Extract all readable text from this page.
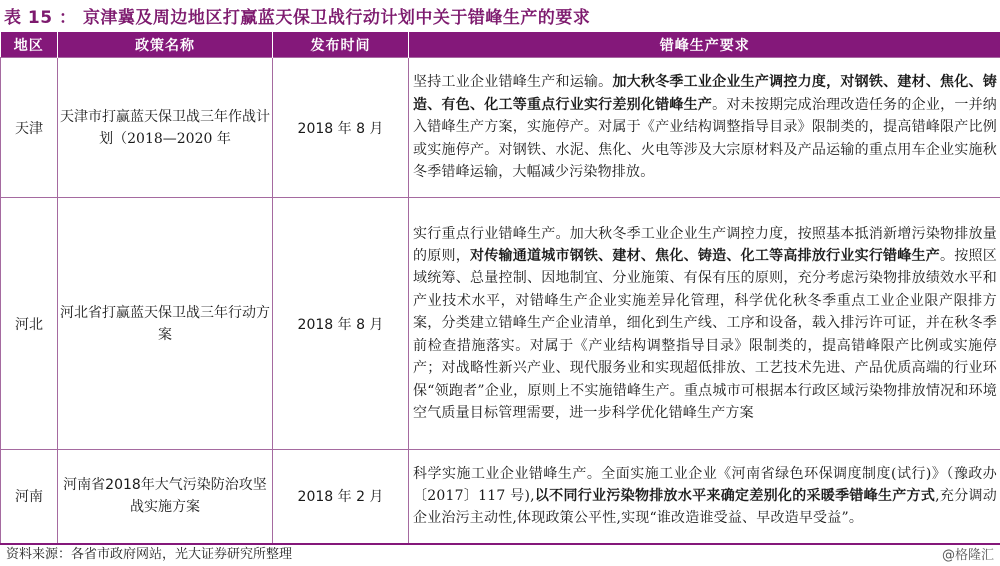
表 15 ： 京津冀及周边地区打赢蓝天保卫战行动计划中关于错峰生产的要求
地区	政策名称	发布时间	错峰生产要求
天津	天津市打赢蓝天保卫战三年作战计划（2018—2020 年	2018 年 8 月	坚持工业企业错峰生产和运输。加大秋冬季工业企业生产调控力度，对钢铁、建材、焦化、铸造、有色、化工等重点行业实行差别化错峰生产。对未按期完成治理改造任务的企业，一并纳入错峰生产方案，实施停产。对属于《产业结构调整指导目录》限制类的，提高错峰限产比例或实施停产。对钢铁、水泥、焦化、火电等涉及大宗原材料及产品运输的重点用车企业实施秋冬季错峰运输，大幅减少污染物排放。
河北	河北省打赢蓝天保卫战三年行动方案	2018 年 8 月	实行重点行业错峰生产。加大秋冬季工业企业生产调控力度，按照基本抵消新增污染物排放量的原则，对传输通道城市钢铁、建材、焦化、铸造、化工等高排放行业实行错峰生产。按照区域统筹、总量控制、因地制宜、分业施策、有保有压的原则，充分考虑污染物排放绩效水平和产业技术水平，对错峰生产企业实施差异化管理，科学优化秋冬季重点工业企业限产限排方案，分类建立错峰生产企业清单，细化到生产线、工序和设备，载入排污许可证，并在秋冬季前检查措施落实。对属于《产业结构调整指导目录》限制类的，提高错峰限产比例或实施停产；对战略性新兴产业、现代服务业和实现超低排放、工艺技术先进、产品优质高端的行业环保“领跑者”企业，原则上不实施错峰生产。重点城市可根据本行政区域污染物排放情况和环境空气质量目标管理需要，进一步科学优化错峰生产方案
河南	河南省2018年大气污染防治攻坚战实施方案	2018 年 2 月	科学实施工业企业错峰生产。全面实施工业企业《河南省绿色环保调度制度(试行)》（豫政办〔2017〕117 号),以不同行业污染物排放水平来确定差别化的采暖季错峰生产方式,充分调动企业治污主动性,体现政策公平性,实现“谁改造谁受益、早改造早受益”。
资料来源：各省市政府网站，光大证券研究所整理	@格隆汇
